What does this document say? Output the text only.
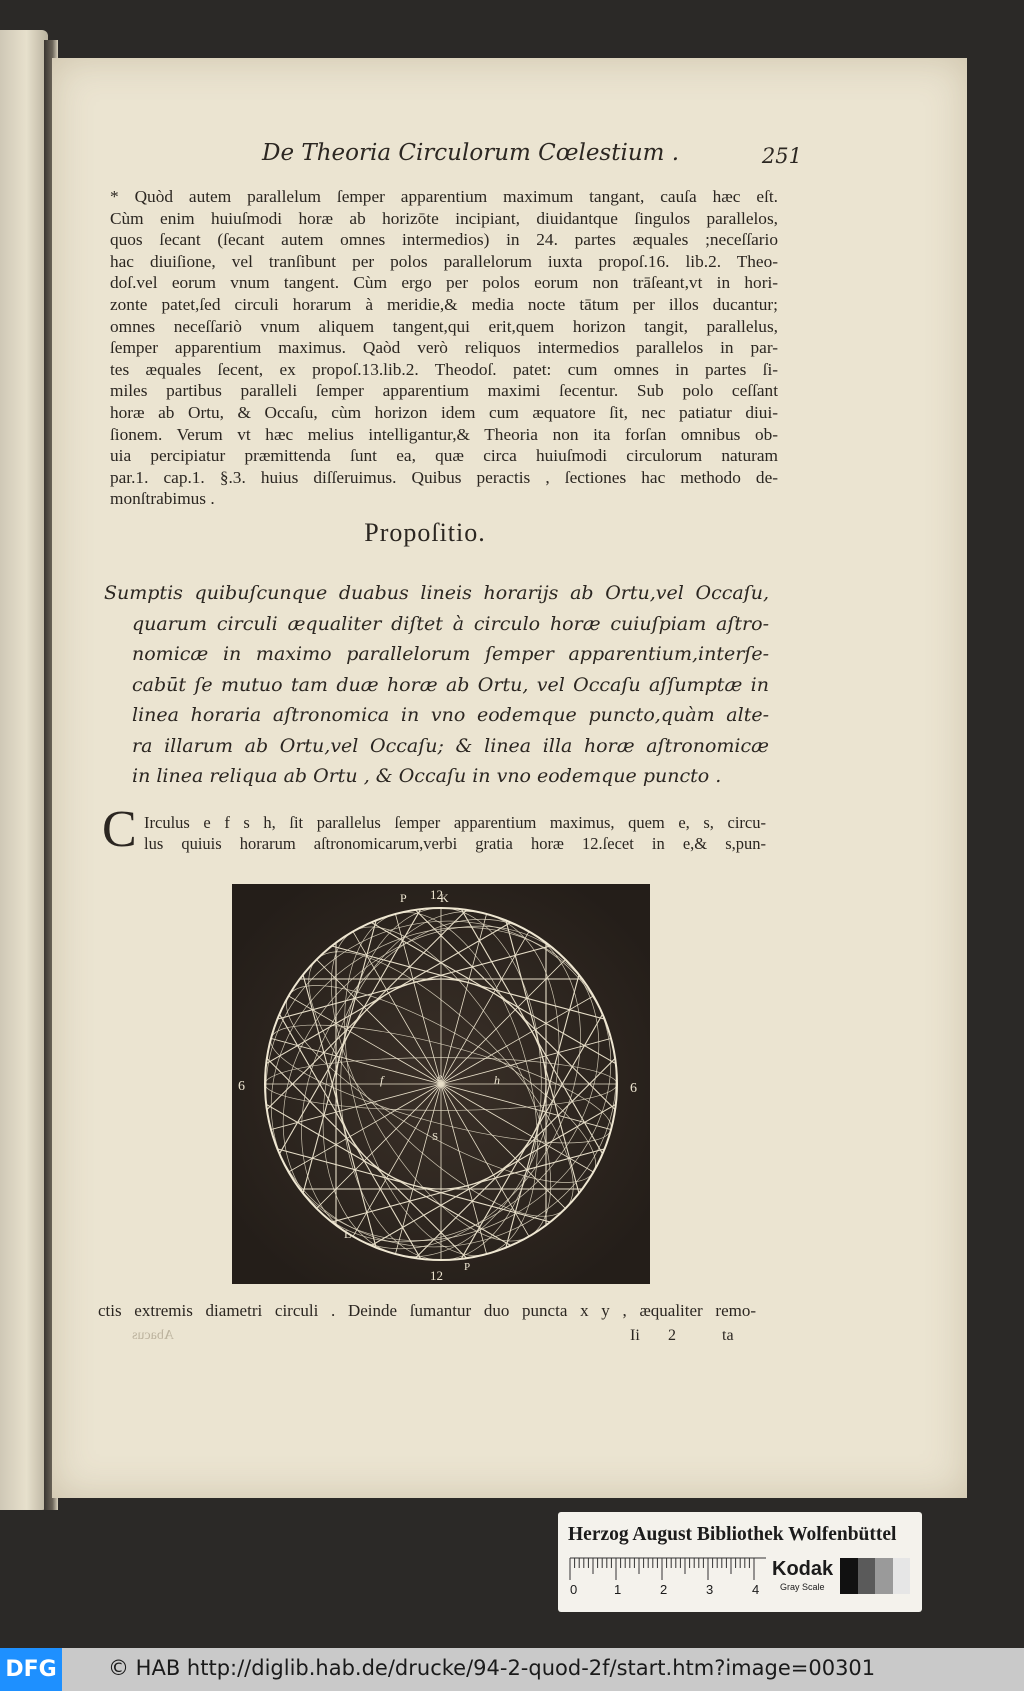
De Theoria Circulorum Cœlestium .	251

* Quòd autem parallelum ſemper apparentium maximum tangant, cauſa hæc eſt.
Cùm enim huiuſmodi horæ ab horizōte incipiant, diuidantque ſingulos parallelos,
quos ſecant (ſecant autem omnes intermedios) in 24. partes æquales ;neceſſario
hac diuiſione, vel tranſibunt per polos parallelorum iuxta propoſ.16. lib.2. Theo-
doſ.vel eorum vnum tangent. Cùm ergo per polos eorum non trāſeant,vt in hori-
zonte patet,ſed circuli horarum à meridie,& media nocte tātum per illos ducantur;
omnes neceſſariò vnum aliquem tangent,qui erit,quem horizon tangit, parallelus,
ſemper apparentium maximus. Qaòd verò reliquos intermedios parallelos in par-
tes æquales ſecent, ex propoſ.13.lib.2. Theodoſ. patet: cum omnes in partes ſi-
miles partibus paralleli ſemper apparentium maximi ſecentur. Sub polo ceſſant
horæ ab Ortu, & Occaſu, cùm horizon idem cum æquatore ſit, nec patiatur diui-
ſionem. Verum vt hæc melius intelligantur,& Theoria non ita forſan omnibus ob-
uia percipiatur præmittenda ſunt ea, quæ circa huiuſmodi circulorum naturam
par.1. cap.1. §.3. huius diſſeruimus. Quibus peractis , ſectiones hac methodo de-
monſtrabimus .

Propoſitio.

Sumptis quibuſcunque duabus lineis horarijs ab Ortu,vel Occaſu,
quarum circuli æqualiter diſtet à circulo horæ cuiuſpiam aſtro-
nomicæ in maximo parallelorum ſemper apparentium,interſe-
cabūt ſe mutuo tam duæ horæ ab Ortu, vel Occaſu aſſumptæ in
linea horaria aſtronomica in vno eodemque puncto,quàm alte-
ra illarum ab Ortu,vel Occaſu; & linea illa horæ aſtronomicæ
in linea reliqua ab Ortu , & Occaſu in vno eodemque puncto .

C Irculus e f s h, ſit parallelus ſemper apparentium maximus, quem e, s, circu-
lus quiuis horarum aſtronomicarum,verbi gratia horæ 12.ſecet in e,& s,pun-
12
P	K
6	6
e
f	h
S
L
12
P
ctis extremis diametri circuli . Deinde ſumantur duo puncta x y , æqualiter remo-
Abacus	Ii 2	ta
Herzog August Bibliothek Wolfenbüttel
0	1	2	3	4
Kodak
Gray Scale
DFG © HAB http://diglib.hab.de/drucke/94-2-quod-2f/start.htm?image=00301
